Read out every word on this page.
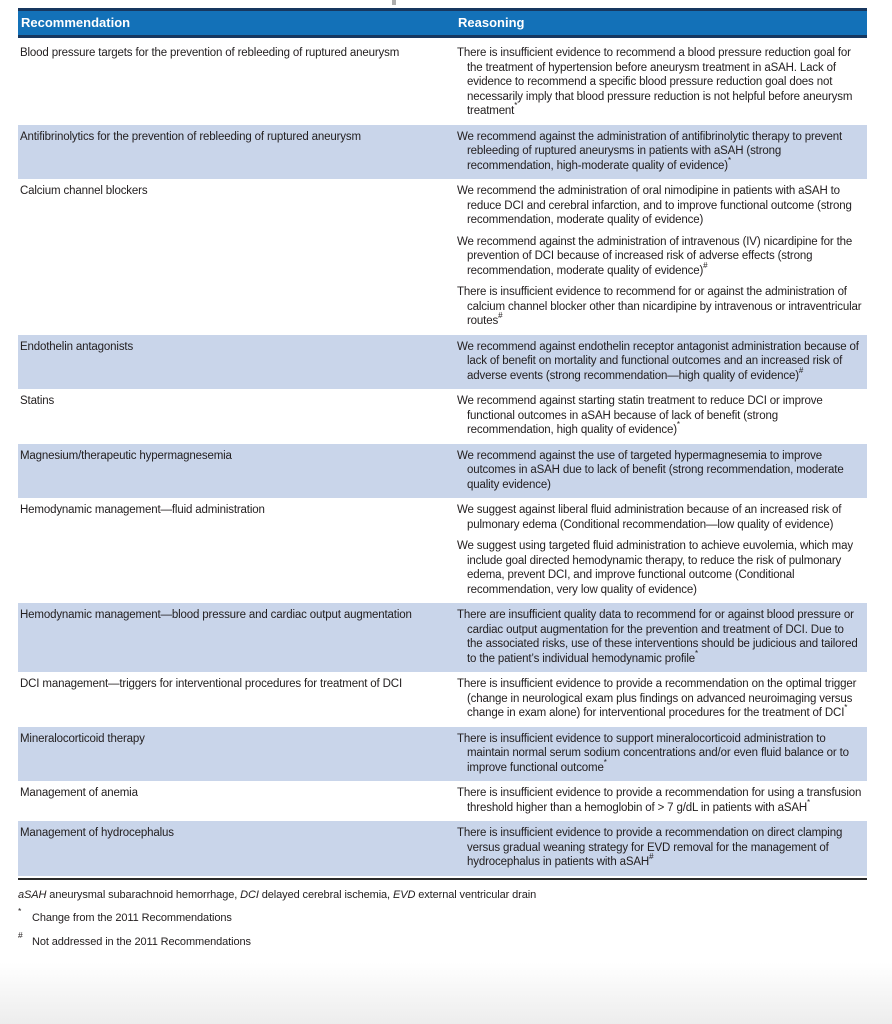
Recommendation	Reasoning
Blood pressure targets for the prevention of rebleeding of ruptured aneurysm	There is insufficient evidence to recommend a blood pressure reduction goal for the treatment of hypertension before aneurysm treatment in aSAH. Lack of evidence to recommend a specific blood pressure reduction goal does not necessarily imply that blood pressure reduction is not helpful before aneurysm treatment*

Antifibrinolytics for the prevention of rebleeding of ruptured aneurysm	We recommend against the administration of antifibrinolytic therapy to prevent rebleeding of ruptured aneurysms in patients with aSAH (strong recommendation, high-moderate quality of evidence)*

Calcium channel blockers	We recommend the administration of oral nimodipine in patients with aSAH to reduce DCI and cerebral infarction, and to improve functional outcome (strong recommendation, moderate quality of evidence)

We recommend against the administration of intravenous (IV) nicardipine for the prevention of DCI because of increased risk of adverse effects (strong recommendation, moderate quality of evidence)#

There is insufficient evidence to recommend for or against the administration of calcium channel blocker other than nicardipine by intravenous or intraventricular routes#

Endothelin antagonists	We recommend against endothelin receptor antagonist administration because of lack of benefit on mortality and functional outcomes and an increased risk of adverse events (strong recommendation—high quality of evidence)#

Statins	We recommend against starting statin treatment to reduce DCI or improve functional outcomes in aSAH because of lack of benefit (strong recommendation, high quality of evidence)*

Magnesium/therapeutic hypermagnesemia	We recommend against the use of targeted hypermagnesemia to improve outcomes in aSAH due to lack of benefit (strong recommendation, moderate quality evidence)

Hemodynamic management—fluid administration	We suggest against liberal fluid administration because of an increased risk of pulmonary edema (Conditional recommendation—low quality of evidence)

We suggest using targeted fluid administration to achieve euvolemia, which may include goal directed hemodynamic therapy, to reduce the risk of pulmonary edema, prevent DCI, and improve functional outcome (Conditional recommendation, very low quality of evidence)

Hemodynamic management—blood pressure and cardiac output augmentation	There are insufficient quality data to recommend for or against blood pressure or cardiac output augmentation for the prevention and treatment of DCI. Due to the associated risks, use of these interventions should be judicious and tailored to the patient’s individual hemodynamic profile*

DCI management—triggers for interventional procedures for treatment of DCI	There is insufficient evidence to provide a recommendation on the optimal trigger (change in neurological exam plus findings on advanced neuroimaging versus change in exam alone) for interventional procedures for the treatment of DCI*

Mineralocorticoid therapy	There is insufficient evidence to support mineralocorticoid administration to maintain normal serum sodium concentrations and/or even fluid balance or to improve functional outcome*

Management of anemia	There is insufficient evidence to provide a recommendation for using a transfusion threshold higher than a hemoglobin of > 7 g/dL in patients with aSAH*

Management of hydrocephalus	There is insufficient evidence to provide a recommendation on direct clamping versus gradual weaning strategy for EVD removal for the management of hydrocephalus in patients with aSAH#

aSAH aneurysmal subarachnoid hemorrhage, DCI delayed cerebral ischemia, EVD external ventricular drain

*Change from the 2011 Recommendations

#Not addressed in the 2011 Recommendations
